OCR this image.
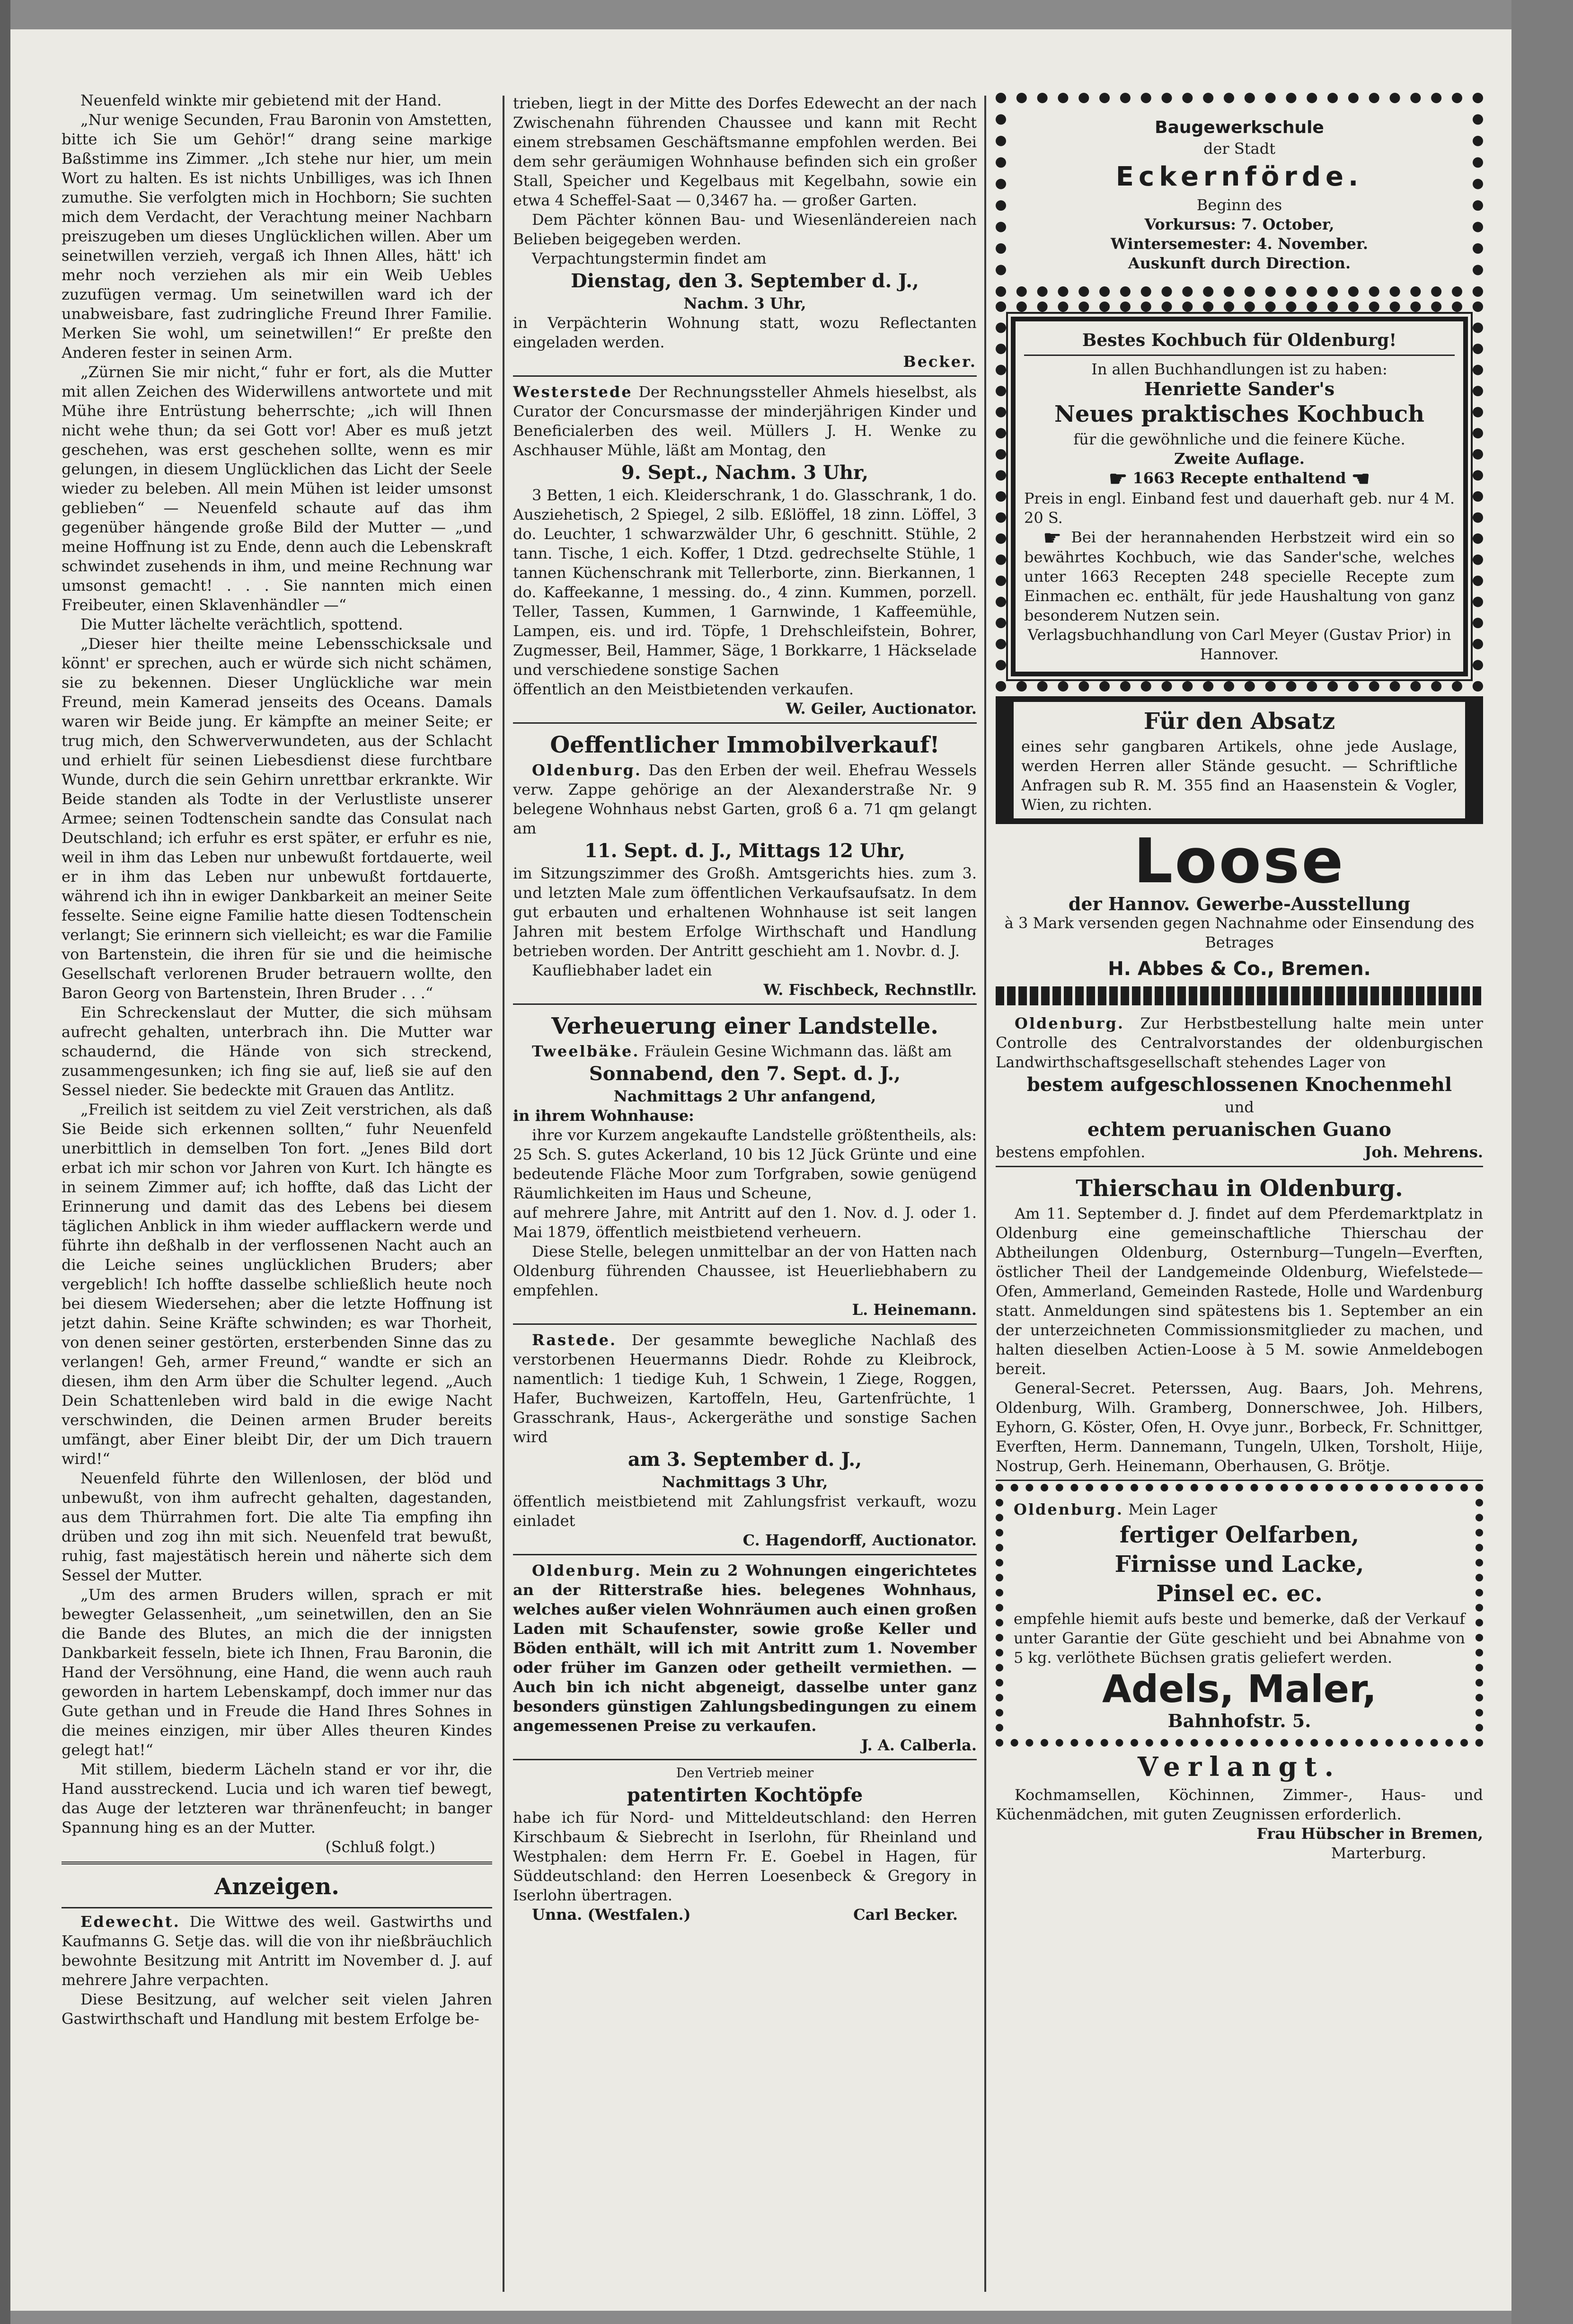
Neuenfeld winkte mir gebietend mit der Hand.

„Nur wenige Secunden, Frau Baronin von Amstetten, bitte ich Sie um Gehör!“ drang seine markige Baßstimme ins Zimmer. „Ich stehe nur hier, um mein Wort zu halten. Es ist nichts Unbilliges, was ich Ihnen zumuthe. Sie verfolgten mich in Hochborn; Sie suchten mich dem Verdacht, der Verachtung meiner Nachbarn preiszugeben um dieses Unglücklichen willen. Aber um seinetwillen verzieh, vergaß ich Ihnen Alles, hätt' ich mehr noch verziehen als mir ein Weib Uebles zuzufügen vermag. Um seinetwillen ward ich der unabweisbare, fast zudringliche Freund Ihrer Familie. Merken Sie wohl, um seinetwillen!“ Er preßte den Anderen fester in seinen Arm.

„Zürnen Sie mir nicht,“ fuhr er fort, als die Mutter mit allen Zeichen des Widerwillens antwortete und mit Mühe ihre Entrüstung beherrschte; „ich will Ihnen nicht wehe thun; da sei Gott vor! Aber es muß jetzt geschehen, was erst geschehen sollte, wenn es mir gelungen, in diesem Unglücklichen das Licht der Seele wieder zu beleben. All mein Mühen ist leider umsonst geblieben“ — Neuenfeld schaute auf das ihm gegenüber hängende große Bild der Mutter — „und meine Hoffnung ist zu Ende, denn auch die Lebenskraft schwindet zusehends in ihm, und meine Rechnung war umsonst gemacht! . . . Sie nannten mich einen Freibeuter, einen Sklavenhändler —“

Die Mutter lächelte verächtlich, spottend.

„Dieser hier theilte meine Lebensschicksale und könnt' er sprechen, auch er würde sich nicht schämen, sie zu bekennen. Dieser Unglückliche war mein Freund, mein Kamerad jenseits des Oceans. Damals waren wir Beide jung. Er kämpfte an meiner Seite; er trug mich, den Schwerverwundeten, aus der Schlacht und erhielt für seinen Liebesdienst diese furchtbare Wunde, durch die sein Gehirn unrettbar erkrankte. Wir Beide standen als Todte in der Verlustliste unserer Armee; seinen Todtenschein sandte das Consulat nach Deutschland; ich erfuhr es erst später, er erfuhr es nie, weil in ihm das Leben nur unbewußt fortdauerte, weil er in ihm das Leben nur unbewußt fortdauerte, während ich ihn in ewiger Dankbarkeit an meiner Seite fesselte. Seine eigne Familie hatte diesen Todtenschein verlangt; Sie erinnern sich vielleicht; es war die Familie von Bartenstein, die ihren für sie und die heimische Gesellschaft verlorenen Bruder betrauern wollte, den Baron Georg von Bartenstein, Ihren Bruder . . .“

Ein Schreckenslaut der Mutter, die sich mühsam aufrecht gehalten, unterbrach ihn. Die Mutter war schaudernd, die Hände von sich streckend, zusammengesunken; ich fing sie auf, ließ sie auf den Sessel nieder. Sie bedeckte mit Grauen das Antlitz.

„Freilich ist seitdem zu viel Zeit verstrichen, als daß Sie Beide sich erkennen sollten,“ fuhr Neuenfeld unerbittlich in demselben Ton fort. „Jenes Bild dort erbat ich mir schon vor Jahren von Kurt. Ich hängte es in seinem Zimmer auf; ich hoffte, daß das Licht der Erinnerung und damit das des Lebens bei diesem täglichen Anblick in ihm wieder aufflackern werde und führte ihn deßhalb in der verflossenen Nacht auch an die Leiche seines unglücklichen Bruders; aber vergeblich! Ich hoffte dasselbe schließlich heute noch bei diesem Wiedersehen; aber die letzte Hoffnung ist jetzt dahin. Seine Kräfte schwinden; es war Thorheit, von denen seiner gestörten, ersterbenden Sinne das zu verlangen! Geh, armer Freund,“ wandte er sich an diesen, ihm den Arm über die Schulter legend. „Auch Dein Schattenleben wird bald in die ewige Nacht verschwinden, die Deinen armen Bruder bereits umfängt, aber Einer bleibt Dir, der um Dich trauern wird!“

Neuenfeld führte den Willenlosen, der blöd und unbewußt, von ihm aufrecht gehalten, dagestanden, aus dem Thürrahmen fort. Die alte Tia empfing ihn drüben und zog ihn mit sich. Neuenfeld trat bewußt, ruhig, fast majestätisch herein und näherte sich dem Sessel der Mutter.

„Um des armen Bruders willen, sprach er mit bewegter Gelassenheit, „um seinetwillen, den an Sie die Bande des Blutes, an mich die der innigsten Dankbarkeit fesseln, biete ich Ihnen, Frau Baronin, die Hand der Versöhnung, eine Hand, die wenn auch rauh geworden in hartem Lebenskampf, doch immer nur das Gute gethan und in Freude die Hand Ihres Sohnes in die meines einzigen, mir über Alles theuren Kindes gelegt hat!“

Mit stillem, biederm Lächeln stand er vor ihr, die Hand ausstreckend. Lucia und ich waren tief bewegt, das Auge der letzteren war thränenfeucht; in banger Spannung hing es an der Mutter.

(Schluß folgt.)

Anzeigen.

Edewecht. Die Wittwe des weil. Gastwirths und Kaufmanns G. Setje das. will die von ihr nießbräuchlich bewohnte Besitzung mit Antritt im November d. J. auf mehrere Jahre verpachten.

Diese Besitzung, auf welcher seit vielen Jahren Gastwirthschaft und Handlung mit bestem Erfolge be-

trieben, liegt in der Mitte des Dorfes Edewecht an der nach Zwischenahn führenden Chaussee und kann mit Recht einem strebsamen Geschäftsmanne empfohlen werden. Bei dem sehr geräumigen Wohnhause befinden sich ein großer Stall, Speicher und Kegelbaus mit Kegelbahn, sowie ein etwa 4 Scheffel-Saat — 0,3467 ha. — großer Garten.

Dem Pächter können Bau- und Wiesenländereien nach Belieben beigegeben werden.

Verpachtungstermin findet am

Dienstag, den 3. September d. J.,

Nachm. 3 Uhr,

in Verpächterin Wohnung statt, wozu Reflectanten eingeladen werden.

Becker.

Westerstede Der Rechnungssteller Ahmels hieselbst, als Curator der Concursmasse der minderjährigen Kinder und Beneficialerben des weil. Müllers J. H. Wenke zu Aschhauser Mühle, läßt am Montag, den

9. Sept., Nachm. 3 Uhr,

3 Betten, 1 eich. Kleiderschrank, 1 do. Glasschrank, 1 do. Ausziehetisch, 2 Spiegel, 2 silb. Eßlöffel, 18 zinn. Löffel, 3 do. Leuchter, 1 schwarzwälder Uhr, 6 geschnitt. Stühle, 2 tann. Tische, 1 eich. Koffer, 1 Dtzd. gedrechselte Stühle, 1 tannen Küchenschrank mit Tellerborte, zinn. Bierkannen, 1 do. Kaffeekanne, 1 messing. do., 4 zinn. Kummen, porzell. Teller, Tassen, Kummen, 1 Garnwinde, 1 Kaffeemühle, Lampen, eis. und ird. Töpfe, 1 Drehschleifstein, Bohrer, Zugmesser, Beil, Hammer, Säge, 1 Borkkarre, 1 Häckselade und verschiedene sonstige Sachen

öffentlich an den Meistbietenden verkaufen.

W. Geiler, Auctionator.

Oeffentlicher Immobilverkauf!

Oldenburg. Das den Erben der weil. Ehefrau Wessels verw. Zappe gehörige an der Alexanderstraße Nr. 9 belegene Wohnhaus nebst Garten, groß 6 a. 71 qm gelangt am

11. Sept. d. J., Mittags 12 Uhr,

im Sitzungszimmer des Großh. Amtsgerichts hies. zum 3. und letzten Male zum öffentlichen Verkaufsaufsatz. In dem gut erbauten und erhaltenen Wohnhause ist seit langen Jahren mit bestem Erfolge Wirthschaft und Handlung betrieben worden. Der Antritt geschieht am 1. Novbr. d. J.

Kaufliebhaber ladet ein

W. Fischbeck, Rechnstllr.

Verheuerung einer Landstelle.

Tweelbäke. Fräulein Gesine Wichmann das. läßt am

Sonnabend, den 7. Sept. d. J.,

Nachmittags 2 Uhr anfangend,

in ihrem Wohnhause:

ihre vor Kurzem angekaufte Landstelle größtentheils, als: 25 Sch. S. gutes Ackerland, 10 bis 12 Jück Grünte und eine bedeutende Fläche Moor zum Torfgraben, sowie genügend Räumlichkeiten im Haus und Scheune,

auf mehrere Jahre, mit Antritt auf den 1. Nov. d. J. oder 1. Mai 1879, öffentlich meistbietend verheuern.

Diese Stelle, belegen unmittelbar an der von Hatten nach Oldenburg führenden Chaussee, ist Heuerliebhabern zu empfehlen.

L. Heinemann.

Rastede. Der gesammte bewegliche Nachlaß des verstorbenen Heuermanns Diedr. Rohde zu Kleibrock, namentlich: 1 tiedige Kuh, 1 Schwein, 1 Ziege, Roggen, Hafer, Buchweizen, Kartoffeln, Heu, Gartenfrüchte, 1 Grasschrank, Haus-, Ackergeräthe und sonstige Sachen wird

am 3. September d. J.,

Nachmittags 3 Uhr,

öffentlich meistbietend mit Zahlungsfrist verkauft, wozu einladet

C. Hagendorff, Auctionator.

Oldenburg. Mein zu 2 Wohnungen eingerichtetes an der Ritterstraße hies. belegenes Wohnhaus, welches außer vielen Wohnräumen auch einen großen Laden mit Schaufenster, sowie große Keller und Böden enthält, will ich mit Antritt zum 1. November oder früher im Ganzen oder getheilt vermiethen. — Auch bin ich nicht abgeneigt, dasselbe unter ganz besonders günstigen Zahlungsbedingungen zu einem angemessenen Preise zu verkaufen.

J. A. Calberla.

Den Vertrieb meiner

patentirten Kochtöpfe

habe ich für Nord- und Mitteldeutschland: den Herren Kirschbaum & Siebrecht in Iserlohn, für Rheinland und Westphalen: dem Herrn Fr. E. Goebel in Hagen, für Süddeutschland: den Herren Loesenbeck & Gregory in Iserlohn übertragen.

Unna. (Westfalen.)	Carl Becker.

Baugewerkschule

der Stadt

Eckernförde.

Beginn des

Vorkursus: 7. October,

Wintersemester: 4. November.

Auskunft durch Direction.

Bestes Kochbuch für Oldenburg!

In allen Buchhandlungen ist zu haben:

Henriette Sander's

Neues praktisches Kochbuch

für die gewöhnliche und die feinere Küche.

Zweite Auflage.

☛ 1663 Recepte enthaltend ☚

Preis in engl. Einband fest und dauerhaft geb. nur 4 M. 20 S.

☛ Bei der herannahenden Herbstzeit wird ein so bewährtes Kochbuch, wie das Sander'sche, welches unter 1663 Recepten 248 specielle Recepte zum Einmachen ec. enthält, für jede Haushaltung von ganz besonderem Nutzen sein.

Verlagsbuchhandlung von Carl Meyer (Gustav Prior) in Hannover.

Für den Absatz

eines sehr gangbaren Artikels, ohne jede Auslage, werden Herren aller Stände gesucht. — Schriftliche Anfragen sub R. M. 355 find an Haasenstein & Vogler, Wien, zu richten.

Loose

der Hannov. Gewerbe-Ausstellung

à 3 Mark versenden gegen Nachnahme oder Einsendung des Betrages

H. Abbes & Co., Bremen.

Oldenburg. Zur Herbstbestellung halte mein unter Controlle des Centralvorstandes der oldenburgischen Landwirthschaftsgesellschaft stehendes Lager von

bestem aufgeschlossenen Knochenmehl

und

echtem peruanischen Guano

bestens empfohlen.	Joh. Mehrens.

Thierschau in Oldenburg.

Am 11. September d. J. findet auf dem Pferdemarktplatz in Oldenburg eine gemeinschaftliche Thierschau der Abtheilungen Oldenburg, Osternburg—Tungeln—Everften, östlicher Theil der Landgemeinde Oldenburg, Wiefelstede—Ofen, Ammerland, Gemeinden Rastede, Holle und Wardenburg statt. Anmeldungen sind spätestens bis 1. September an ein der unterzeichneten Commissionsmitglieder zu machen, und halten dieselben Actien-Loose à 5 M. sowie Anmeldebogen bereit.

General-Secret. Peterssen, Aug. Baars, Joh. Mehrens, Oldenburg, Wilh. Gramberg, Donnerschwee, Joh. Hilbers, Eyhorn, G. Köster, Ofen, H. Ovye junr., Borbeck, Fr. Schnittger, Everften, Herm. Dannemann, Tungeln, Ulken, Torsholt, Hiije, Nostrup, Gerh. Heinemann, Oberhausen, G. Brötje.

Oldenburg. Mein Lager

fertiger Oelfarben,
Firnisse und Lacke,
Pinsel ec. ec.

empfehle hiemit aufs beste und bemerke, daß der Verkauf unter Garantie der Güte geschieht und bei Abnahme von 5 kg. verlöthete Büchsen gratis geliefert werden.

Adels, Maler,

Bahnhofstr. 5.

Verlangt.

Kochmamsellen, Köchinnen, Zimmer-, Haus- und Küchenmädchen, mit guten Zeugnissen erforderlich.

Frau Hübscher in Bremen,

Marterburg.
